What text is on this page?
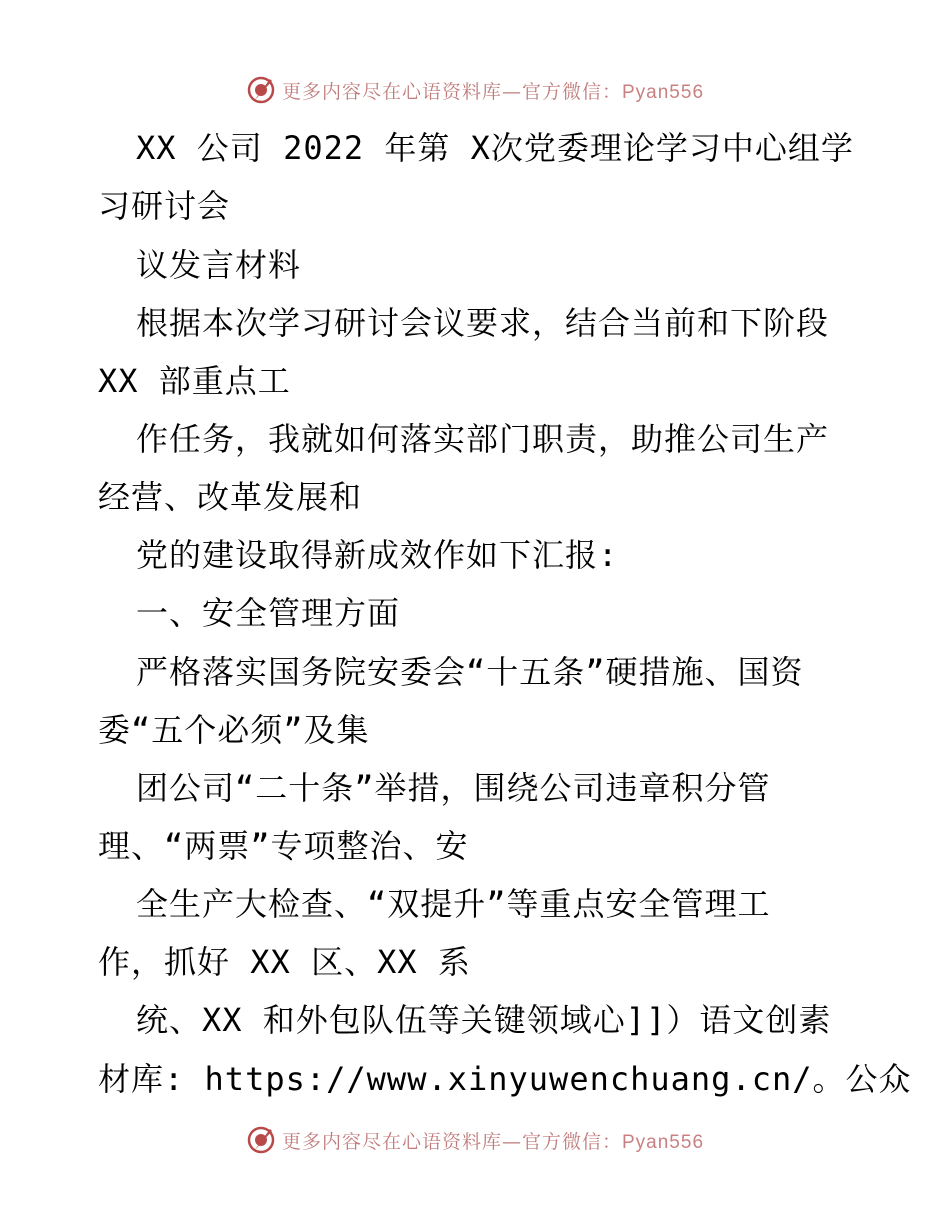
更多内容尽在心语资料库—官方微信：Pyan556
XX 公司 2022 年第 X次党委理论学习中心组学
习研讨会
议发言材料
根据本次学习研讨会议要求，结合当前和下阶段
XX 部重点工
作任务，我就如何落实部门职责，助推公司生产
经营、改革发展和
党的建设取得新成效作如下汇报:
一、安全管理方面
严格落实国务院安委会“十五条”硬措施、国资
委“五个必须”及集
团公司“二十条”举措，围绕公司违章积分管
理、“两票”专项整治、安
全生产大检查、“双提升”等重点安全管理工
作，抓好 XX 区、XX 系
统、XX 和外包队伍等关键领域心]]）语文创素
材库: https://www.xinyuwenchuang.cn/。公众
更多内容尽在心语资料库—官方微信：Pyan556
